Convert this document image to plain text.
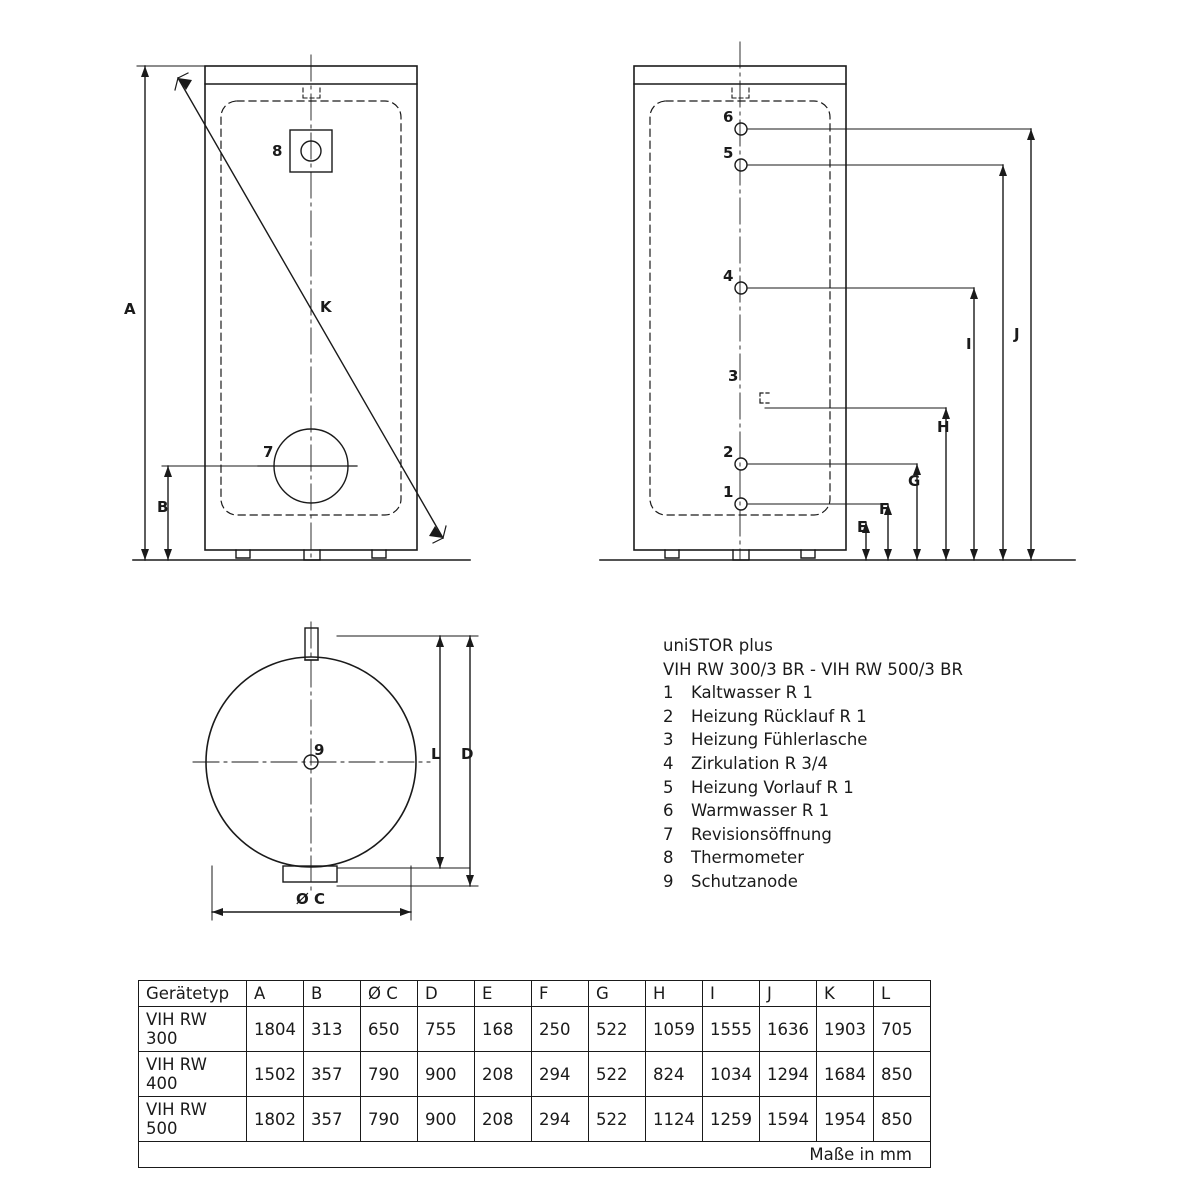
8
7
A
B
K
6
5
4
3
2
1
E
F
G
H
I
J
9
Ø C
L D
uniSTOR plus
VIH RW 300/3 BR - VIH RW 500/3 BR
1	Kaltwasser R 1
2	Heizung Rücklauf R 1
3	Heizung Fühlerlasche
4	Zirkulation R 3/4
5	Heizung Vorlauf R 1
6	Warmwasser R 1
7	Revisionsöffnung
8	Thermometer
9	Schutzanode
Gerätetyp	A	B	Ø C	D	E	F	G	H	I	J	K	L
VIH RW 300	1804	313	650	755	168	250	522	1059	1555	1636	1903	705
VIH RW 400	1502	357	790	900	208	294	522	824	1034	1294	1684	850
VIH RW 500	1802	357	790	900	208	294	522	1124	1259	1594	1954	850
Maße in mm												
